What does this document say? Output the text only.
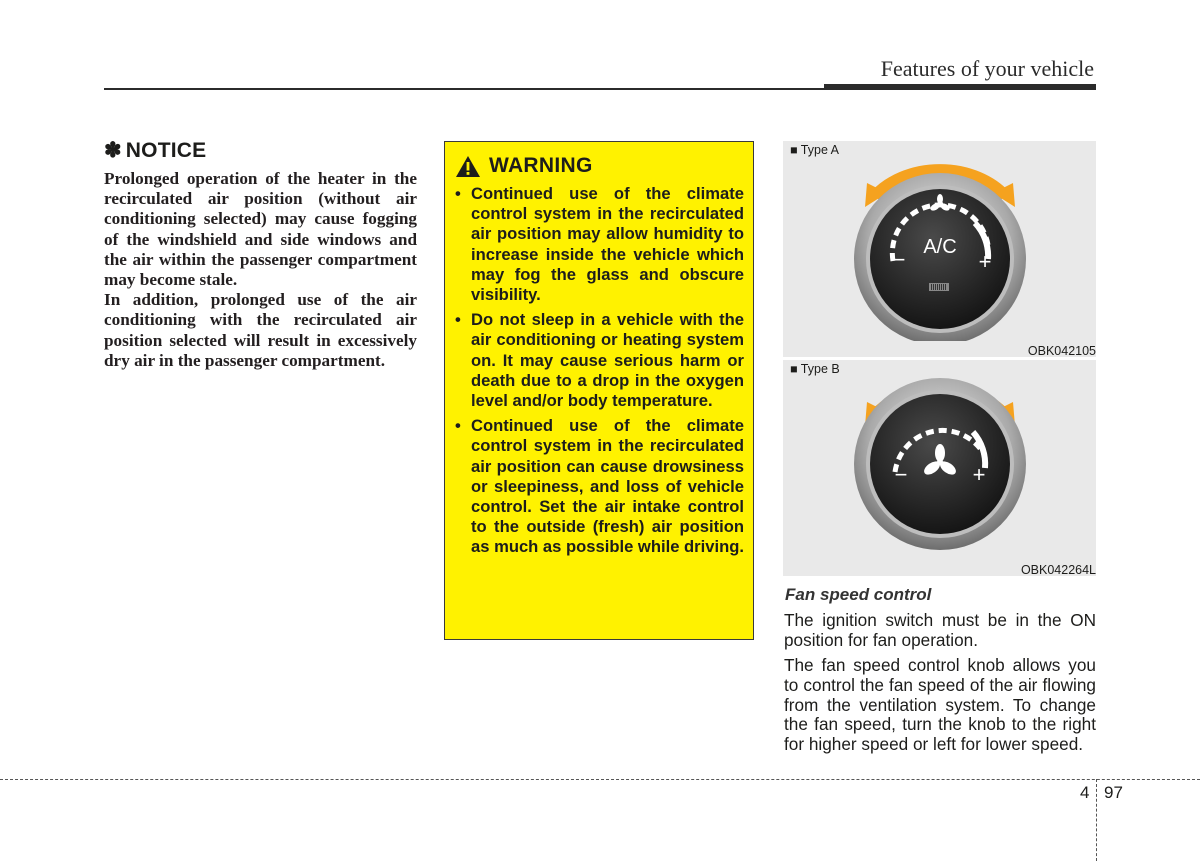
Features of your vehicle
✽ NOTICE

Prolonged operation of the heater in the recirculated air position (without air conditioning selected) may cause fogging of the windshield and side windows and the air within the passenger compartment may become stale.

In addition, prolonged use of the air conditioning with the recirculated air position selected will result in excessively dry air in the passenger compartment.

WARNING
• Continued use of the climate control system in the recirculated air position may allow humidity to increase inside the vehicle which may fog the glass and obscure visibility.
• Do not sleep in a vehicle with the air conditioning or heating system on. It may cause serious harm or death due to a drop in the oxygen level and/or body temperature.
• Continued use of the climate control system in the recirculated air position can cause drowsiness or sleepiness, and loss of vehicle control. Set the air intake control to the outside (fresh) air position as much as possible while driving.
■ Type A
A/C
−	+
OBK042105
■ Type B
−	+
OBK042264L
Fan speed control

The ignition switch must be in the ON position for fan operation.

The fan speed control knob allows you to control the fan speed of the air flowing from the ventilation system. To change the fan speed, turn the knob to the right for higher speed or left for lower speed.

4 97
